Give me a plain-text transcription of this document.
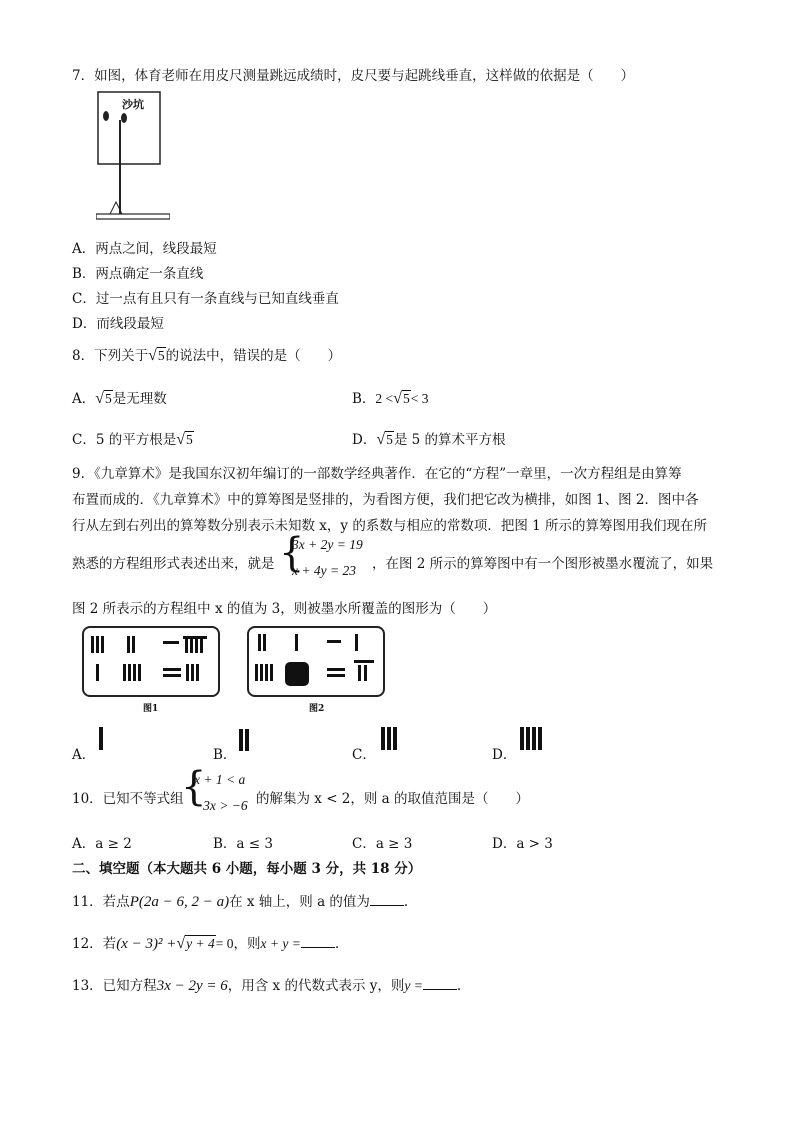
7．如图，体育老师在用皮尺测量跳远成绩时，皮尺要与起跳线垂直，这样做的依据是（　　）
沙坑
A．两点之间，线段最短
B．两点确定一条直线
C．过一点有且只有一条直线与已知直线垂直
D．而线段最短
8．下列关于√5的说法中，错误的是（　　）
A．√5是无理数	B．2 <√5< 3
C．5 的平方根是√5	D．√5是 5 的算术平方根
9．《九章算术》是我国东汉初年编订的一部数学经典著作．在它的“方程”一章里，一次方程组是由算筹
布置而成的．《九章算术》中的算筹图是竖排的，为看图方便，我们把它改为横排，如图 1、图 2．图中各
行从左到右列出的算筹数分别表示未知数 x，y 的系数与相应的常数项．把图 1 所示的算筹图用我们现在所
熟悉的方程组形式表述出来，就是 {
3x + 2y = 19
x + 4y = 23 ，在图 2 所示的算筹图中有一个图形被墨水覆流了，如果
图 2 所表示的方程组中 x 的值为 3，则被墨水所覆盖的图形为（　　）
图1	图2
A．	B．	C．	D．
10．已知不等式组
{
x + 1 < a
−3x > −6 的解集为 x < 2，则 a 的取值范围是（　　）
A．a ≥ 2	B．a ≤ 3	C．a ≥ 3	D．a > 3
二、填空题（本大题共 6 小题，每小题 3 分，共 18 分）
11．若点P(2a − 6, 2 − a)在 x 轴上，则 a 的值为	.
12．若(x − 3)² +√y + 4= 0，则x + y =	.
13．已知方程3x − 2y = 6，用含 x 的代数式表示 y，则y =	.
